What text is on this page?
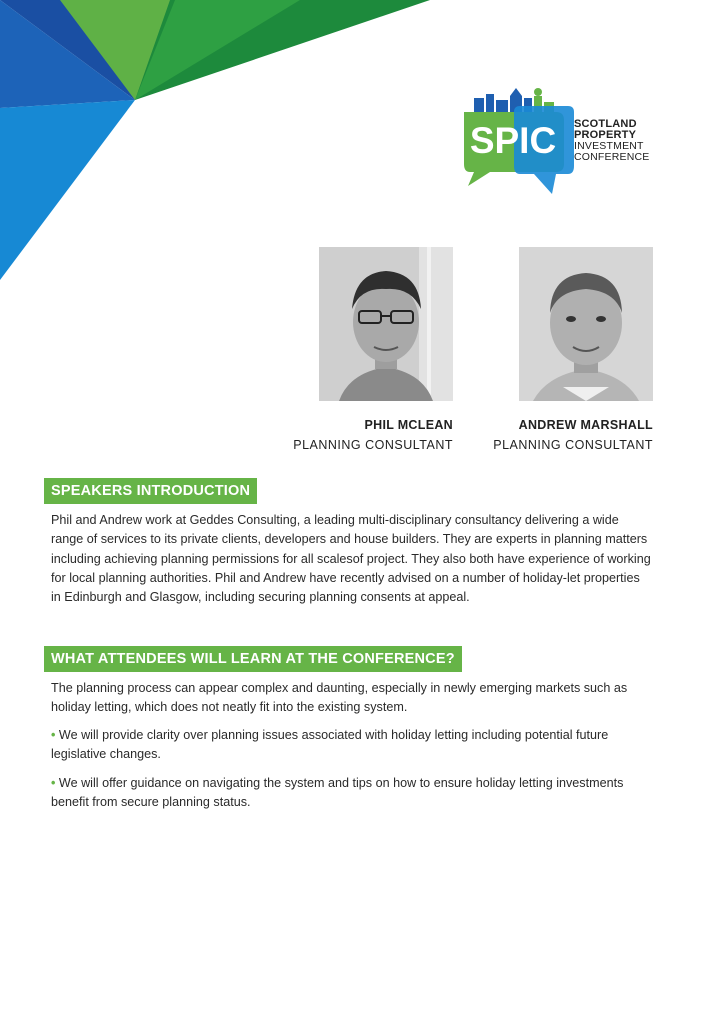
SPIC SCOTLAND
PROPERTY
INVESTMENT
CONFERENCE
PHIL MCLEAN
PLANNING CONSULTANT
ANDREW MARSHALL
PLANNING CONSULTANT
SPEAKERS INTRODUCTION

Phil and Andrew work at Geddes Consulting, a leading multi-disciplinary consultancy delivering a wide range of services to its private clients, developers and house builders. They are experts in planning matters including achieving planning permissions for all scalesof project. They also both have experience of working for local planning authorities. Phil and Andrew have recently advised on a number of holiday-let properties in Edinburgh and Glasgow, including securing planning consents at appeal.

WHAT ATTENDEES WILL LEARN AT THE CONFERENCE?

The planning process can appear complex and daunting, especially in newly emerging markets such as holiday letting, which does not neatly fit into the existing system.

• We will provide clarity over planning issues associated with holiday letting including potential future legislative changes.

• We will offer guidance on navigating the system and tips on how to ensure holiday letting investments benefit from secure planning status.
